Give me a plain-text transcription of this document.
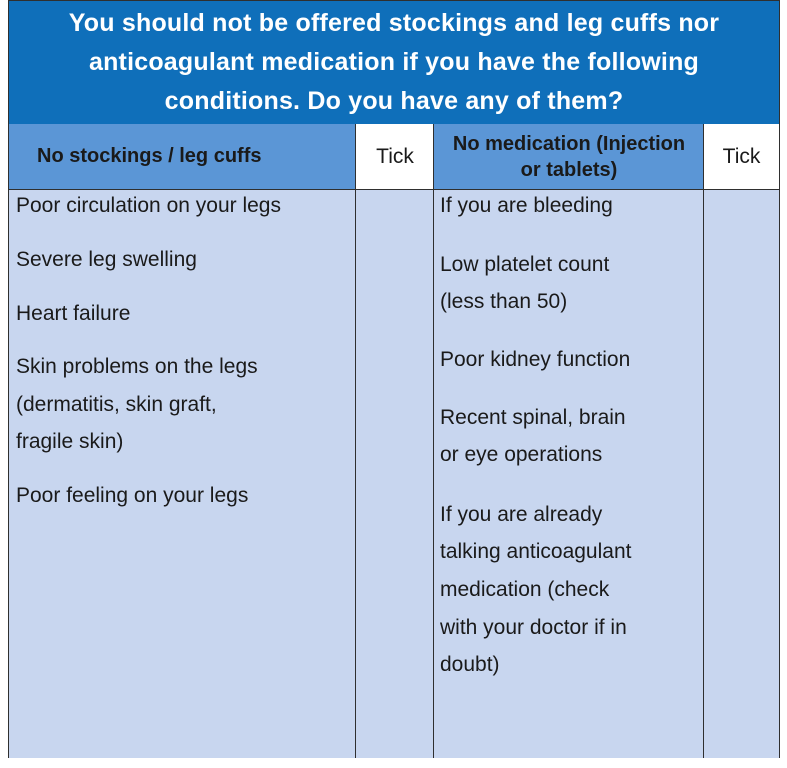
You should not be offered stockings and leg cuffs nor
anticoagulant medication if you have the following
conditions. Do you have any of them?
No stockings / leg cuffs	Tick
No medication (Injection
or tablets)
Tick
Poor circulation on your legs
Severe leg swelling
Heart failure
Skin problems on the legs
(dermatitis, skin graft,
fragile skin)
Poor feeling on your legs
If you are bleeding
Low platelet count
(less than 50)
Poor kidney function
Recent spinal, brain
or eye operations
If you are already
talking anticoagulant
medication (check
with your doctor if in
doubt)
